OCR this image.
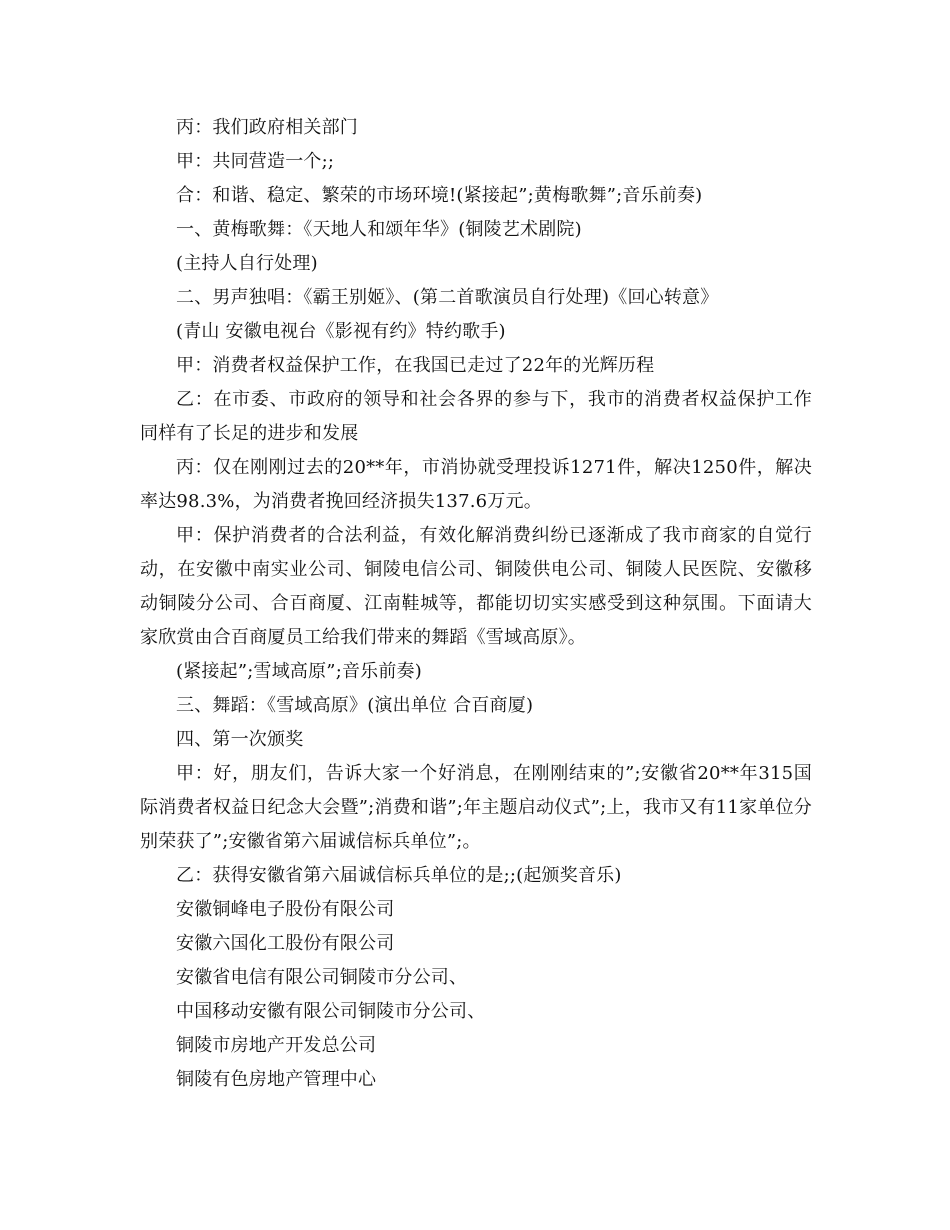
丙：我们政府相关部门

甲：共同营造一个;;

合：和谐、稳定、繁荣的市场环境!(紧接起”;黄梅歌舞”;音乐前奏)

一、黄梅歌舞：《天地人和颂年华》(铜陵艺术剧院)

(主持人自行处理)

二、男声独唱：《霸王别姬》、(第二首歌演员自行处理)《回心转意》

(青山 安徽电视台《影视有约》特约歌手)

甲：消费者权益保护工作，在我国已走过了22年的光辉历程

乙：在市委、市政府的领导和社会各界的参与下，我市的消费者权益保护工作同样有了长足的进步和发展

丙：仅在刚刚过去的20**年，市消协就受理投诉1271件，解决1250件，解决率达98.3%，为消费者挽回经济损失137.6万元。

甲：保护消费者的合法利益，有效化解消费纠纷已逐渐成了我市商家的自觉行动，在安徽中南实业公司、铜陵电信公司、铜陵供电公司、铜陵人民医院、安徽移动铜陵分公司、合百商厦、江南鞋城等，都能切切实实感受到这种氛围。下面请大家欣赏由合百商厦员工给我们带来的舞蹈《雪域高原》。

(紧接起”;雪域高原”;音乐前奏)

三、舞蹈：《雪域高原》(演出单位 合百商厦)

四、第一次颁奖

甲：好，朋友们，告诉大家一个好消息，在刚刚结束的”;安徽省20**年315国际消费者权益日纪念大会暨”;消费和谐”;年主题启动仪式”;上，我市又有11家单位分别荣获了”;安徽省第六届诚信标兵单位”;。

乙：获得安徽省第六届诚信标兵单位的是;;(起颁奖音乐)

安徽铜峰电子股份有限公司

安徽六国化工股份有限公司

安徽省电信有限公司铜陵市分公司、

中国移动安徽有限公司铜陵市分公司、

铜陵市房地产开发总公司

铜陵有色房地产管理中心
